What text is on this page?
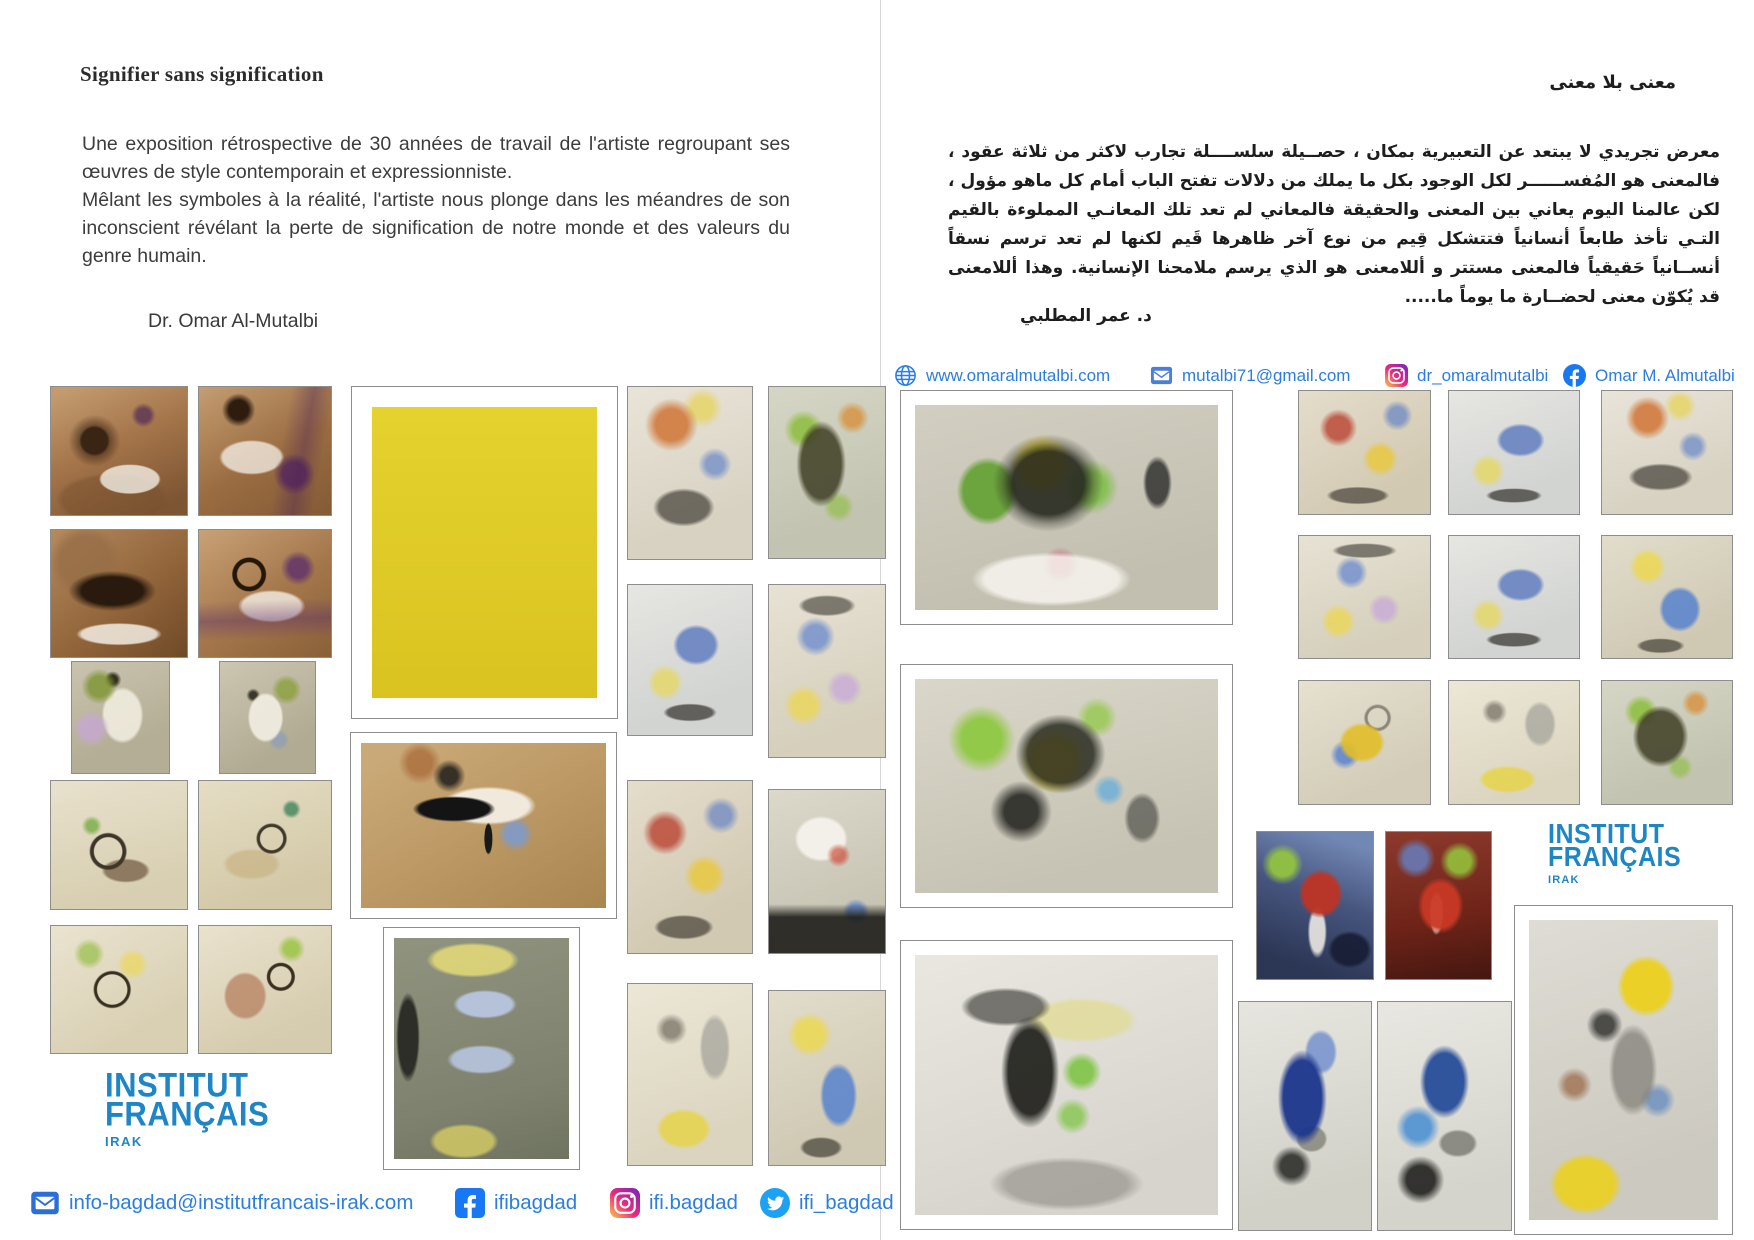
Signifier sans signification

Une exposition rétrospective de 30 années de travail de l'artiste regroupant ses œuvres de style contemporain et expressionniste.

Mêlant les symboles à la réalité, l'artiste nous plonge dans les méandres de son inconscient révélant la perte de signification de notre monde et des valeurs du genre humain.

Dr. Omar Al-Mutalbi
INSTITUT
FRANÇAIS
IRAK
info-bagdad@institutfrancais-irak.com	ifibagdad	ifi.bagdad	ifi_bagdad
معنى بلا معنى
معرض تجريدي لا يبتعد عن التعبيرية بمكان ، حصــيلة سلســــلة تجارب لاكثر من ثلاثة عقود ، فالمعنى هو المُفســــــر لكل الوجود بكل ما يملك من دلالات تفتح الباب أمام كل ماهو مؤول ، لكن عالمنا اليوم يعاني بين المعنى والحقيقة فالمعاني لم تعد تلك المعانـي المملوءة بالقيم التـي تأخذ طابعاً أنسانياً فتتشكل قِيم من نوع آخر ظاهرها قَيم لكنها لم تعد ترسم نسقاً أنســانياً حَقيقياً فالمعنى مستتر و أللامعنى هو الذي يرسم ملامحنا الإنسانية. وهذا أللامعنى قد يُكوّن معنى لحضــارة ما يوماً ما.....
د. عمر المطلبي
www.omaralmutalbi.com	mutalbi71@gmail.com	dr_omaralmutalbi	Omar M. Almutalbi
INSTITUT
FRANÇAIS
IRAK
